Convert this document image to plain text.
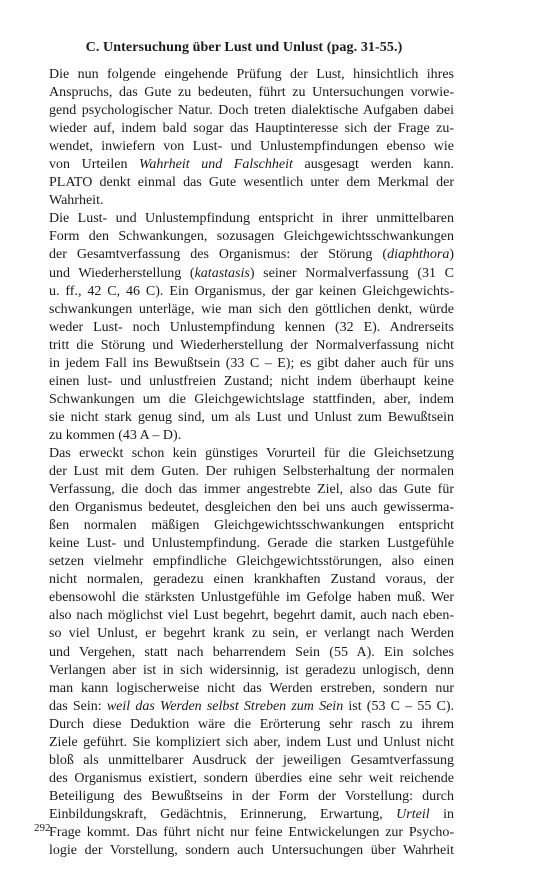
C. Untersuchung über Lust und Unlust (pag. 31-55.)

Die nun folgende eingehende Prüfung der Lust, hinsichtlich ihres
Anspruchs, das Gute zu bedeuten, führt zu Untersuchungen vorwie-
gend psychologischer Natur. Doch treten dialektische Aufgaben dabei
wieder auf, indem bald sogar das Hauptinteresse sich der Frage zu-
wendet, inwiefern von Lust- und Unlustempfindungen ebenso wie
von Urteilen Wahrheit und Falschheit ausgesagt werden kann.
PLATO denkt einmal das Gute wesentlich unter dem Merkmal der
Wahrheit.

Die Lust- und Unlustempfindung entspricht in ihrer unmittelbaren
Form den Schwankungen, sozusagen Gleichgewichtsschwankungen
der Gesamtverfassung des Organismus: der Störung (diaphthora)
und Wiederherstellung (katastasis) seiner Normalverfassung (31 C
u. ff., 42 C, 46 C). Ein Organismus, der gar keinen Gleichgewichts-
schwankungen unterläge, wie man sich den göttlichen denkt, würde
weder Lust- noch Unlustempfindung kennen (32 E). Andrerseits
tritt die Störung und Wiederherstellung der Normalverfassung nicht
in jedem Fall ins Bewußtsein (33 C – E); es gibt daher auch für uns
einen lust- und unlustfreien Zustand; nicht indem überhaupt keine
Schwankungen um die Gleichgewichtslage stattfinden, aber, indem
sie nicht stark genug sind, um als Lust und Unlust zum Bewußtsein
zu kommen (43 A – D).

Das erweckt schon kein günstiges Vorurteil für die Gleichsetzung
der Lust mit dem Guten. Der ruhigen Selbsterhaltung der normalen
Verfassung, die doch das immer angestrebte Ziel, also das Gute für
den Organismus bedeutet, desgleichen den bei uns auch gewisserma-
ßen normalen mäßigen Gleichgewichtsschwankungen entspricht
keine Lust- und Unlustempfindung. Gerade die starken Lustgefühle
setzen vielmehr empfindliche Gleichgewichtsstörungen, also einen
nicht normalen, geradezu einen krankhaften Zustand voraus, der
ebensowohl die stärksten Unlustgefühle im Gefolge haben muß. Wer
also nach möglichst viel Lust begehrt, begehrt damit, auch nach eben-
so viel Unlust, er begehrt krank zu sein, er verlangt nach Werden
und Vergehen, statt nach beharrendem Sein (55 A). Ein solches
Verlangen aber ist in sich widersinnig, ist geradezu unlogisch, denn
man kann logischerweise nicht das Werden erstreben, sondern nur
das Sein: weil das Werden selbst Streben zum Sein ist (53 C – 55 C).

Durch diese Deduktion wäre die Erörterung sehr rasch zu ihrem
Ziele geführt. Sie kompliziert sich aber, indem Lust und Unlust nicht
bloß als unmittelbarer Ausdruck der jeweiligen Gesamtverfassung
des Organismus existiert, sondern überdies eine sehr weit reichende
Beteiligung des Bewußtseins in der Form der Vorstellung: durch
Einbildungskraft, Gedächtnis, Erinnerung, Erwartung, Urteil in
Frage kommt. Das führt nicht nur feine Entwickelungen zur Psycho-
logie der Vorstellung, sondern auch Untersuchungen über Wahrheit

292
